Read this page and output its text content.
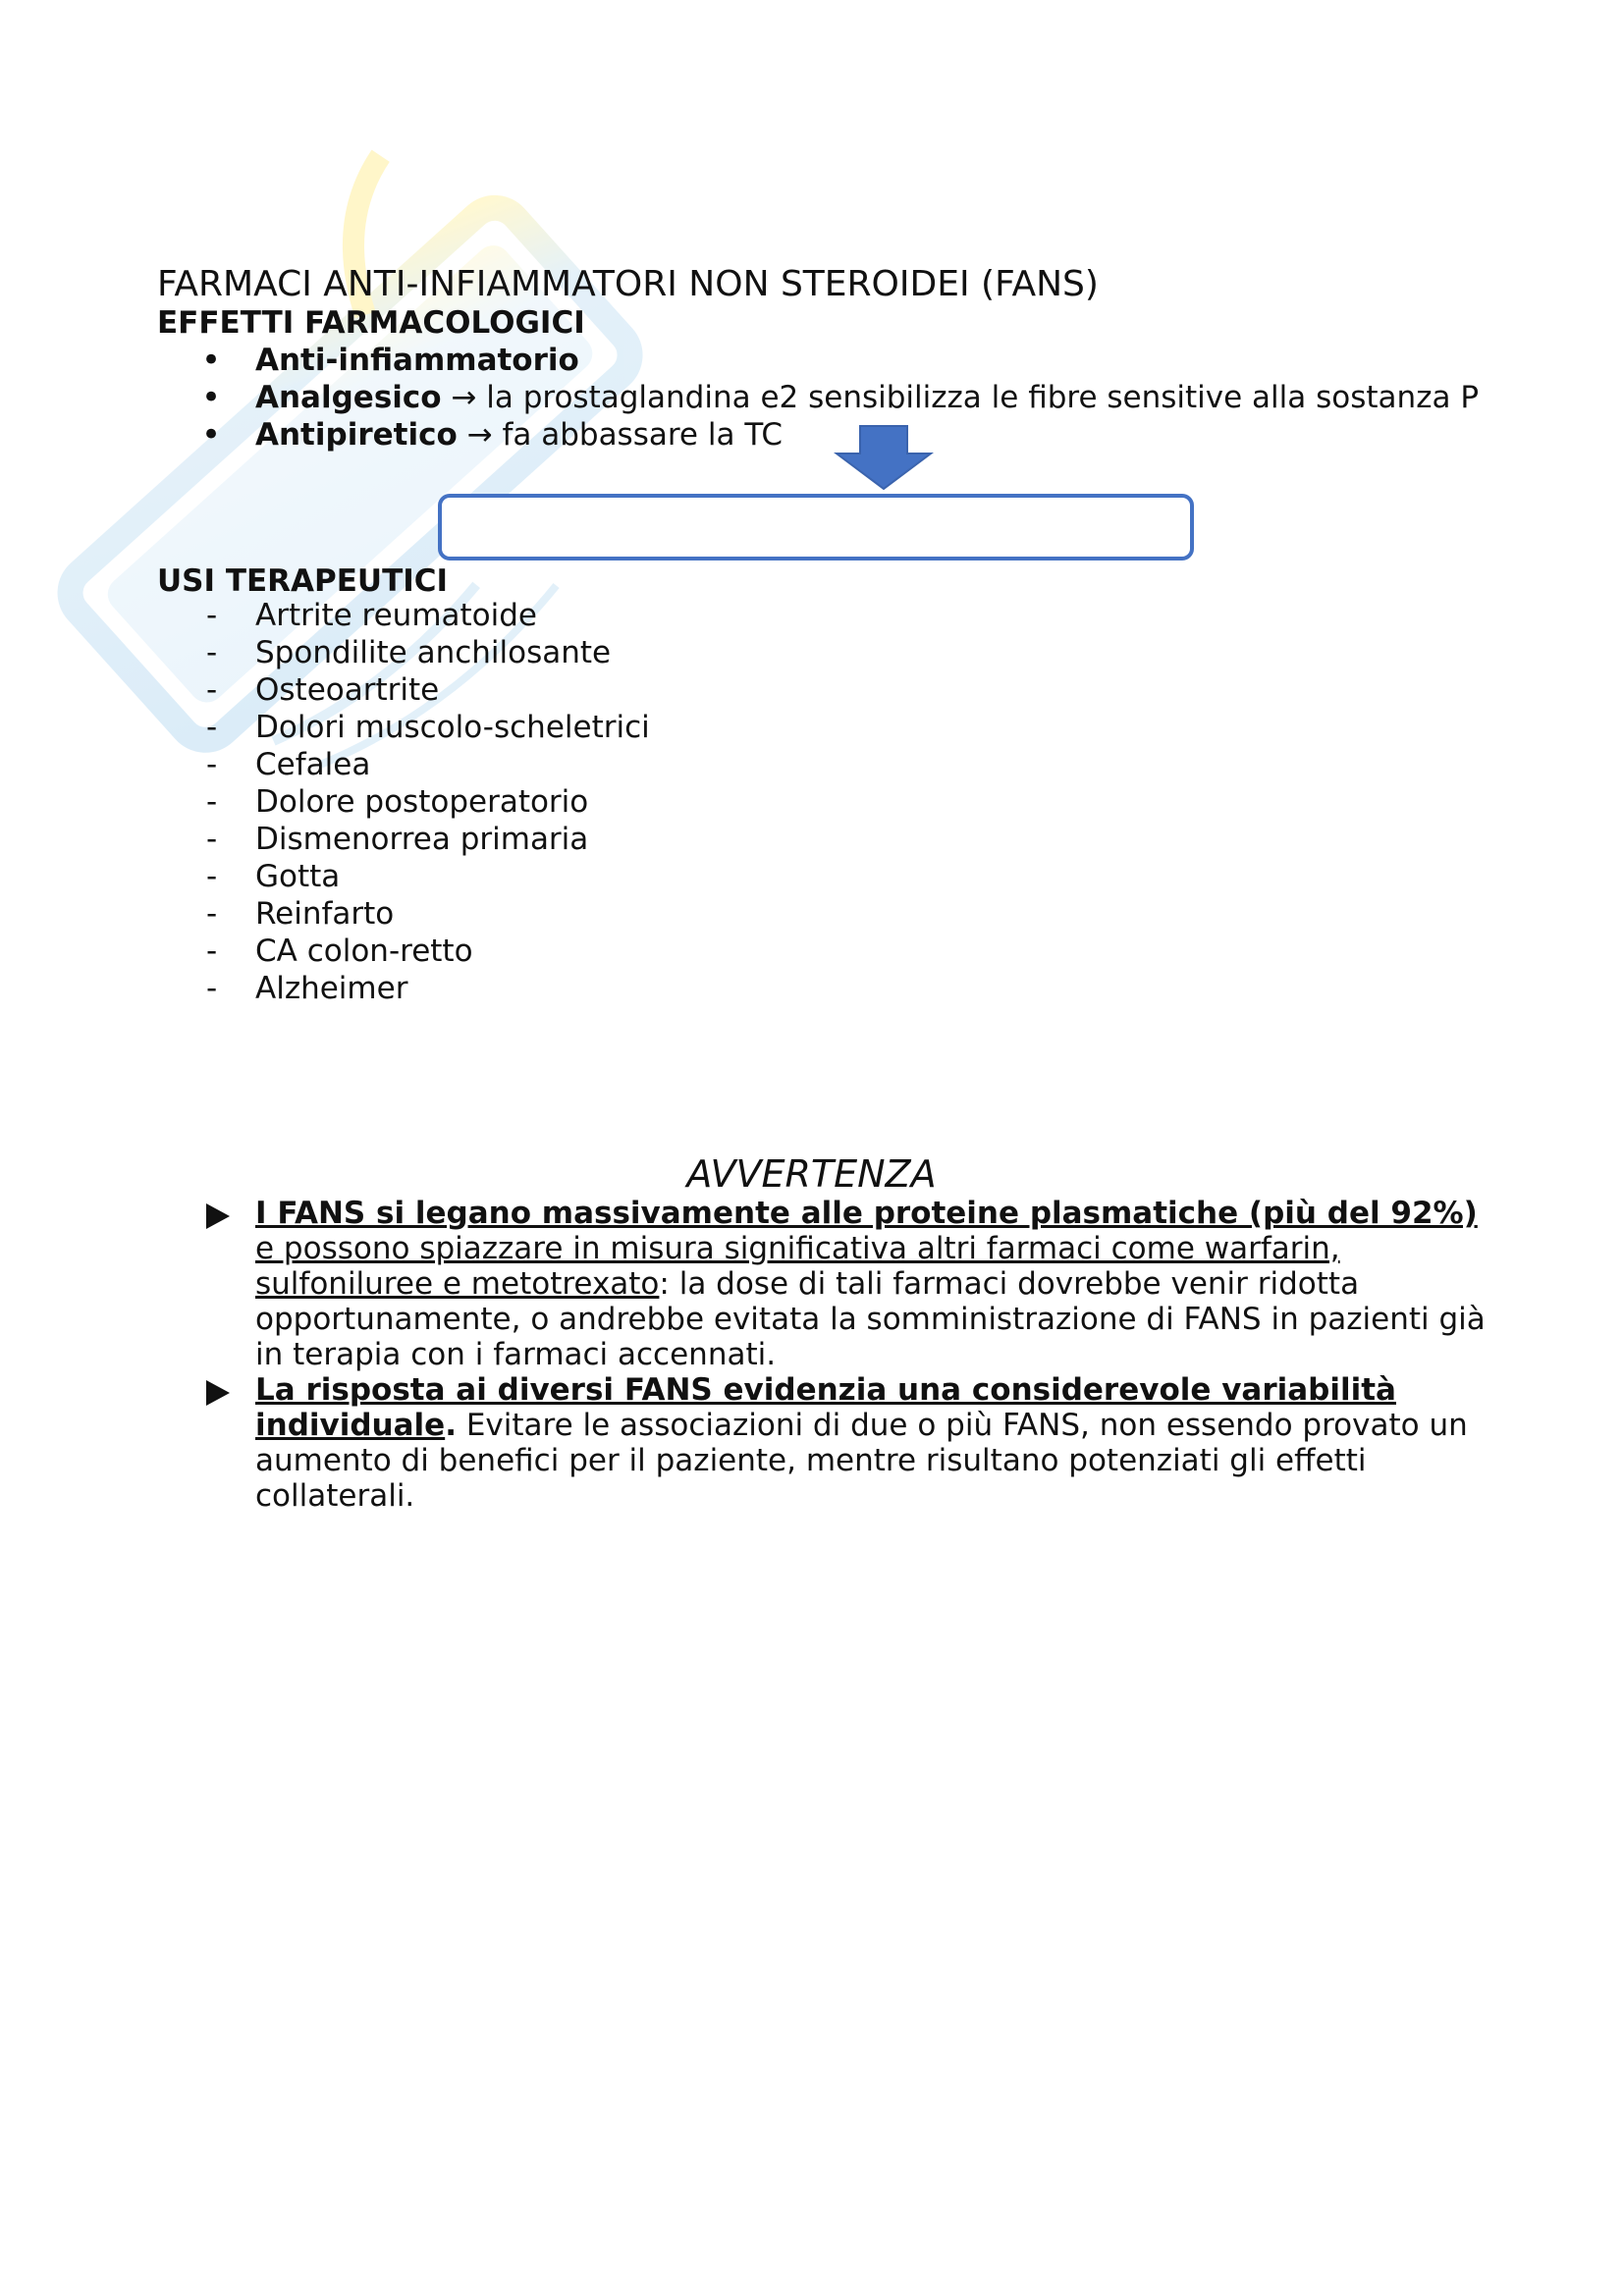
FARMACI ANTI-INFIAMMATORI NON STEROIDEI (FANS)
EFFETTI FARMACOLOGICI
• Anti-infiammatorio
• Analgesico → la prostaglandina e2 sensibilizza le fibre sensitive alla sostanza P
• Antipiretico → fa abbassare la TC
USI TERAPEUTICI
- Artrite reumatoide
- Spondilite anchilosante
- Osteoartrite
- Dolori muscolo-scheletrici
- Cefalea
- Dolore postoperatorio
- Dismenorrea primaria
- Gotta
- Reinfarto
- CA colon-retto
- Alzheimer
AVVERTENZA
I FANS si legano massivamente alle proteine plasmatiche (più del 92%) e possono spiazzare in misura significativa altri farmaci come warfarin, sulfoniluree e metotrexato: la dose di tali farmaci dovrebbe venir ridotta opportunamente, o andrebbe evitata la somministrazione di FANS in pazienti già in terapia con i farmaci accennati.
La risposta ai diversi FANS evidenzia una considerevole variabilità individuale. Evitare le associazioni di due o più FANS, non essendo provato un aumento di benefici per il paziente, mentre risultano potenziati gli effetti collaterali.
